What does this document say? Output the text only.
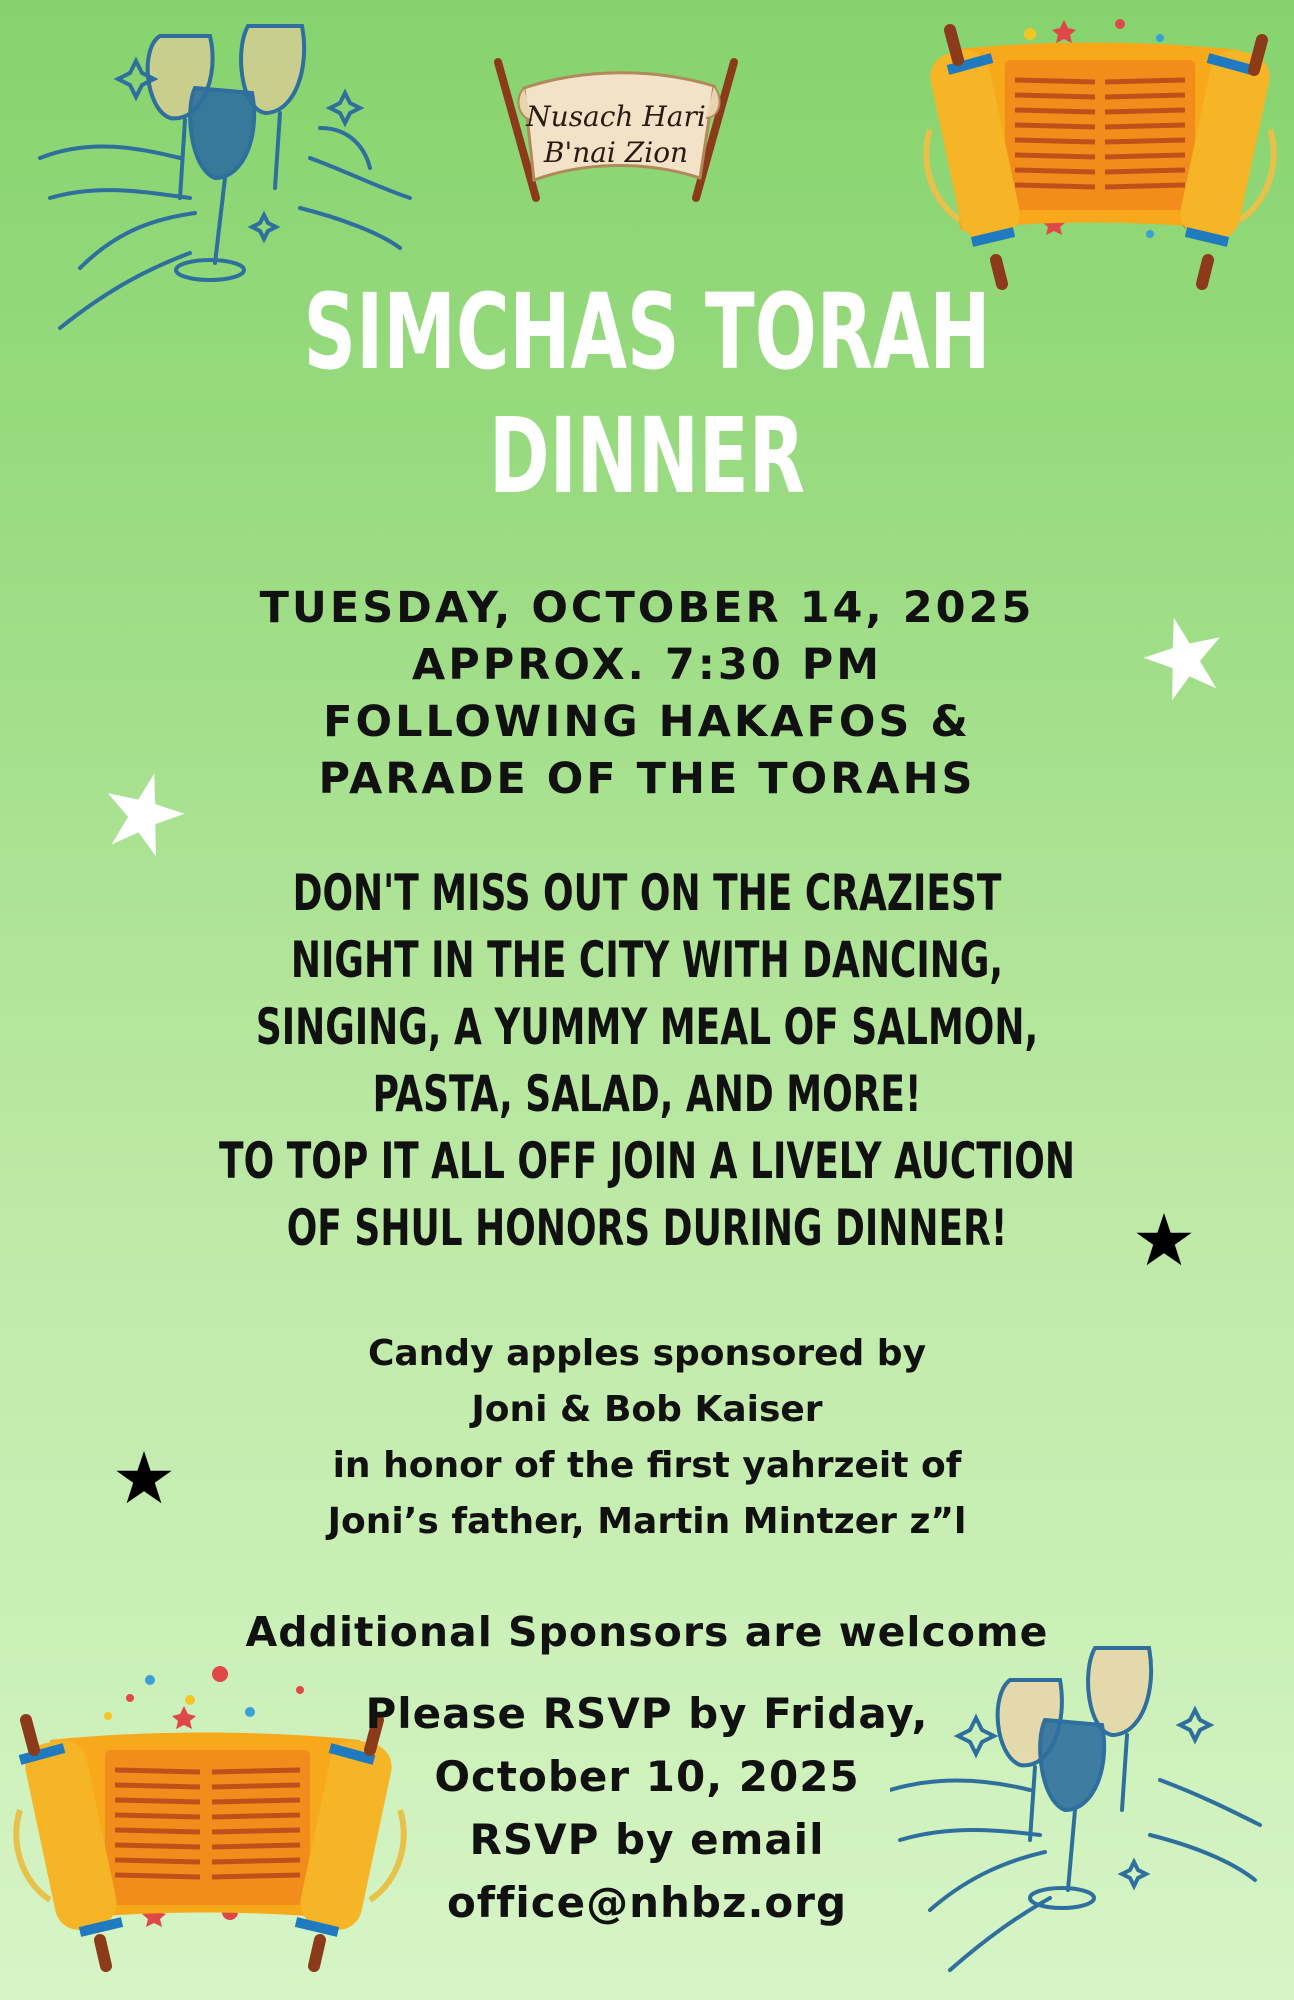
Nusach Hari
B'nai Zion
SIMCHAS TORAH
DINNER
TUESDAY, OCTOBER 14, 2025
APPROX. 7:30 PM
FOLLOWING HAKAFOS &
PARADE OF THE TORAHS
DON'T MISS OUT ON THE CRAZIEST
NIGHT IN THE CITY WITH DANCING,
SINGING, A YUMMY MEAL OF SALMON,
PASTA, SALAD, AND MORE!
TO TOP IT ALL OFF JOIN A LIVELY AUCTION
OF SHUL HONORS DURING DINNER!
Candy apples sponsored by
Joni & Bob Kaiser
in honor of the first yahrzeit of
Joni’s father, Martin Mintzer z”l
Additional Sponsors are welcome
Please RSVP by Friday,
October 10, 2025
RSVP by email
office@nhbz.org
